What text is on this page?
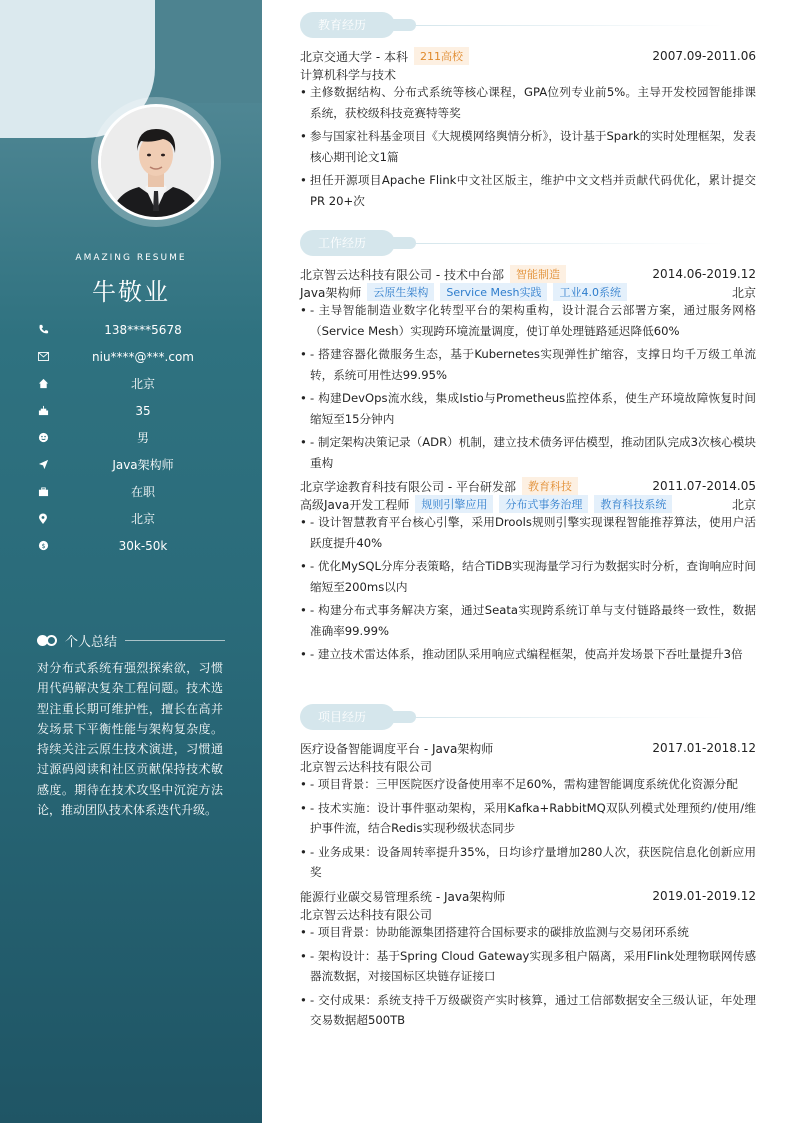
AMAZING RESUME
牛敬业
138****5678
niu****@***.com
北京
35
男
Java架构师
在职
北京
$	30k-50k
个人总结
对分布式系统有强烈探索欲，习惯用代码解决复杂工程问题。技术选型注重长期可维护性，擅长在高并发场景下平衡性能与架构复杂度。持续关注云原生技术演进，习惯通过源码阅读和社区贡献保持技术敏感度。期待在技术攻坚中沉淀方法论，推动团队技术体系迭代升级。
教育经历
北京交通大学 - 本科	211高校	2007.09-2011.06
计算机科学与技术
• 主修数据结构、分布式系统等核心课程，GPA位列专业前5%。主导开发校园智能排课系统，获校级科技竞赛特等奖
• 参与国家社科基金项目《大规模网络舆情分析》，设计基于Spark的实时处理框架，发表核心期刊论文1篇
• 担任开源项目Apache Flink中文社区版主，维护中文文档并贡献代码优化，累计提交PR 20+次
工作经历
北京智云达科技有限公司 - 技术中台部	智能制造	2014.06-2019.12
Java架构师	云原生架构	Service Mesh实践	工业4.0系统	北京
• - 主导智能制造业数字化转型平台的架构重构，设计混合云部署方案，通过服务网格（Service Mesh）实现跨环境流量调度，使订单处理链路延迟降低60%
• - 搭建容器化微服务生态，基于Kubernetes实现弹性扩缩容，支撑日均千万级工单流转，系统可用性达99.95%
• - 构建DevOps流水线，集成Istio与Prometheus监控体系，使生产环境故障恢复时间缩短至15分钟内
• - 制定架构决策记录（ADR）机制，建立技术债务评估模型，推动团队完成3次核心模块重构
北京学途教育科技有限公司 - 平台研发部	教育科技	2011.07-2014.05
高级Java开发工程师	规则引擎应用	分布式事务治理	教育科技系统	北京
• - 设计智慧教育平台核心引擎，采用Drools规则引擎实现课程智能推荐算法，使用户活跃度提升40%
• - 优化MySQL分库分表策略，结合TiDB实现海量学习行为数据实时分析，查询响应时间缩短至200ms以内
• - 构建分布式事务解决方案，通过Seata实现跨系统订单与支付链路最终一致性，数据准确率99.99%
• - 建立技术雷达体系，推动团队采用响应式编程框架，使高并发场景下吞吐量提升3倍
项目经历
医疗设备智能调度平台 - Java架构师	2017.01-2018.12
北京智云达科技有限公司
• - 项目背景：三甲医院医疗设备使用率不足60%，需构建智能调度系统优化资源分配
• - 技术实施：设计事件驱动架构，采用Kafka+RabbitMQ双队列模式处理预约/使用/维护事件流，结合Redis实现秒级状态同步
• - 业务成果：设备周转率提升35%，日均诊疗量增加280人次，获医院信息化创新应用奖
能源行业碳交易管理系统 - Java架构师	2019.01-2019.12
北京智云达科技有限公司
• - 项目背景：协助能源集团搭建符合国标要求的碳排放监测与交易闭环系统
• - 架构设计：基于Spring Cloud Gateway实现多租户隔离，采用Flink处理物联网传感器流数据，对接国标区块链存证接口
• - 交付成果：系统支持千万级碳资产实时核算，通过工信部数据安全三级认证，年处理交易数据超500TB
